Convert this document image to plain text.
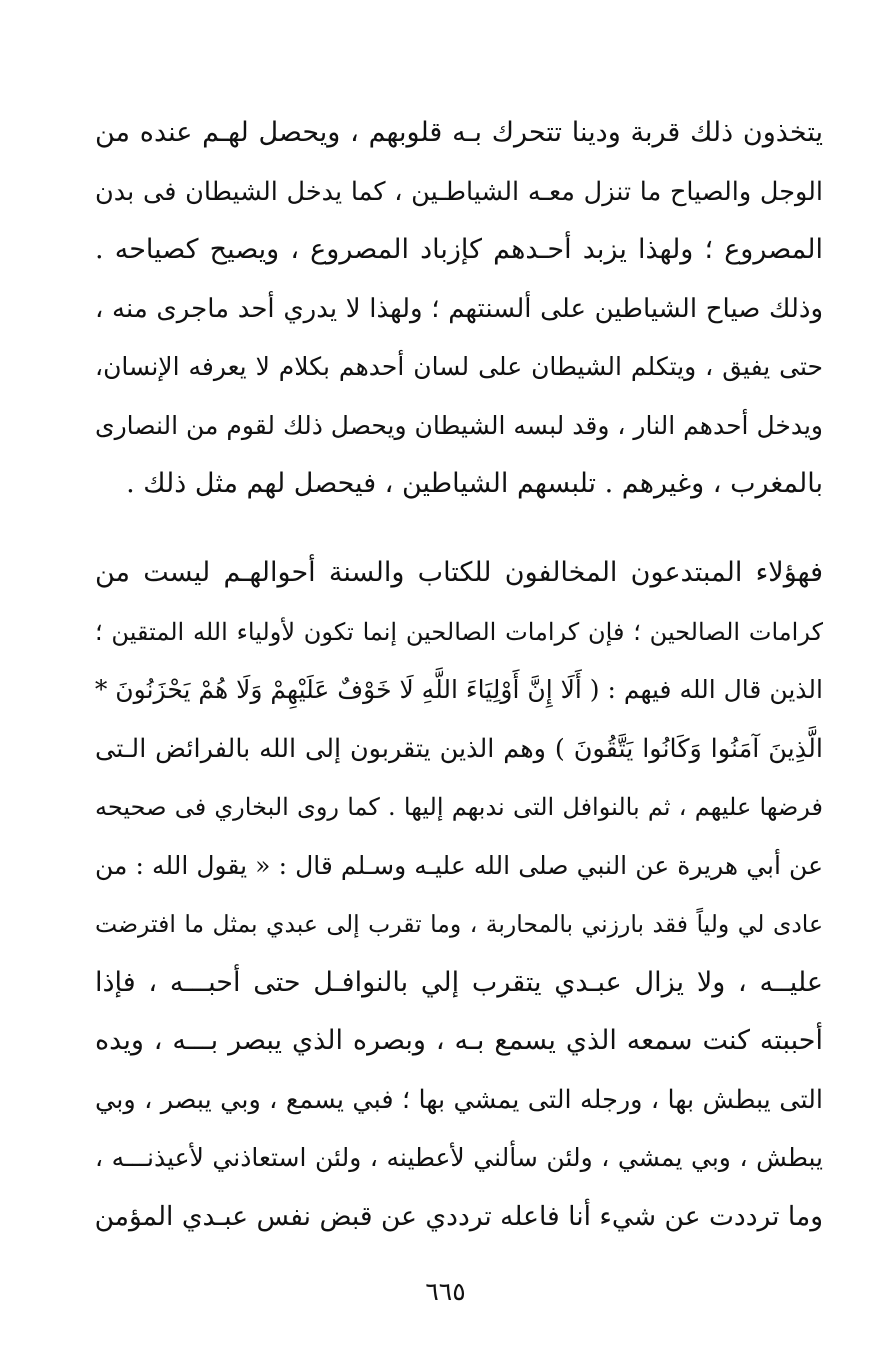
يتخذون ذلك قربة ودينا تتحرك بـه قلوبهم ، ويحصل لهـم عنده من
الوجل والصياح ما تنزل معـه الشياطـين ، كما يدخل الشيطان فى بدن
المصروع ؛ ولهذا يزبد أحـدهم كإزباد المصروع ، ويصيح كصياحه .
وذلك صياح الشياطين على ألسنتهم ؛ ولهذا لا يدري أحد ماجرى منه ،
حتى يفيق ، ويتكلم الشيطان على لسان أحدهم بكلام لا يعرفه الإنسان،
ويدخل أحدهم النار ، وقد لبسه الشيطان ويحصل ذلك لقوم من النصارى
بالمغرب ، وغيرهم . تلبسهم الشياطين ، فيحصل لهم مثل ذلك .
فهؤلاء المبتدعون المخالفون للكتاب والسنة أحوالهـم ليست من
كرامات الصالحين ؛ فإن كرامات الصالحين إنما تكون لأولياء الله المتقين ؛
الذين قال الله فيهم : ( أَلَا إِنَّ أَوْلِيَاءَ اللَّهِ لَا خَوْفٌ عَلَيْهِمْ وَلَا هُمْ يَحْزَنُونَ *
الَّذِينَ آمَنُوا وَكَانُوا يَتَّقُونَ ) وهم الذين يتقربون إلى الله بالفرائض الـتى
فرضها عليهم ، ثم بالنوافل التى ندبهم إليها . كما روى البخاري فى صحيحه
عن أبي هريرة عن النبي صلى الله عليـه وسـلم قال : « يقول الله : من
عادى لي ولياً فقد بارزني بالمحاربة ، وما تقرب إلى عبدي بمثل ما افترضت
عليــه ، ولا يزال عبـدي يتقرب إلي بالنوافـل حتى أحبـــه ، فإذا
أحببته كنت سمعه الذي يسمع بـه ، وبصره الذي يبصر بـــه ، ويده
التى يبطش بها ، ورجله التى يمشي بها ؛ فبي يسمع ، وبي يبصر ، وبي
يبطش ، وبي يمشي ، ولئن سألني لأعطينه ، ولئن استعاذني لأعيذنـــه ،
وما ترددت عن شيء أنا فاعله ترددي عن قبض نفس عبـدي المؤمن
٦٦٥
